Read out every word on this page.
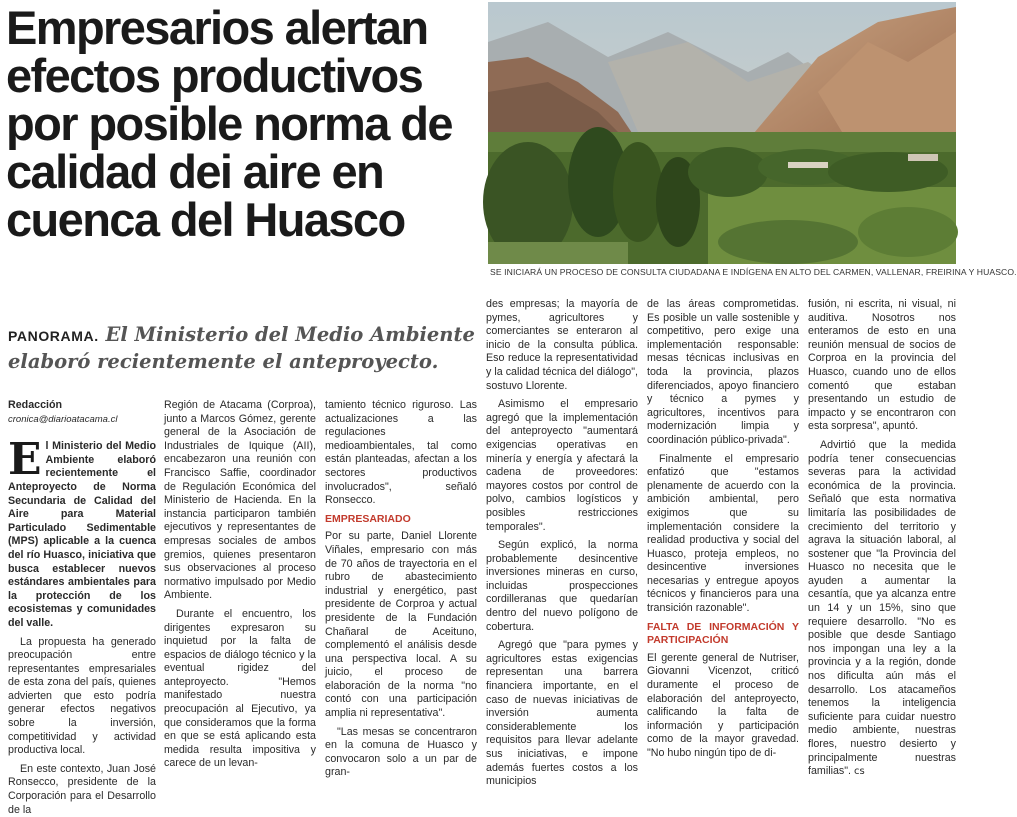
Empresarios alertan efectos productivos por posible norma de calidad dei aire en cuenca del Huasco

SE INICIARÁ UN PROCESO DE CONSULTA CIUDADANA E INDÍGENA EN ALTO DEL CARMEN, VALLENAR, FREIRINA Y HUASCO.

PANORAMA. El Ministerio del Medio Ambiente elaboró recientemente el anteproyecto.

Redacción
cronica@diarioatacama.cl

El Ministerio del Medio Ambiente elaboró recientemente el Anteproyecto de Norma Secundaria de Calidad del Aire para Material Particulado Sedimentable (MPS) aplicable a la cuenca del río Huasco, iniciativa que busca establecer nuevos estándares ambientales para la protección de los ecosistemas y comunidades del valle.

La propuesta ha generado preocupación entre representantes empresariales de esta zona del país, quienes advierten que esto podría generar efectos negativos sobre la inversión, competitividad y actividad productiva local.

En este contexto, Juan José Ronsecco, presidente de la Corporación para el Desarrollo de la

Región de Atacama (Corproa), junto a Marcos Gómez, gerente general de la Asociación de Industriales de Iquique (AII), encabezaron una reunión con Francisco Saffie, coordinador de Regulación Económica del Ministerio de Hacienda. En la instancia participaron también ejecutivos y representantes de empresas sociales de ambos gremios, quienes presentaron sus observaciones al proceso normativo impulsado por Medio Ambiente.

Durante el encuentro, los dirigentes expresaron su inquietud por la falta de espacios de diálogo técnico y la eventual rigidez del anteproyecto. "Hemos manifestado nuestra preocupación al Ejecutivo, ya que consideramos que la forma en que se está aplicando esta medida resulta impositiva y carece de un levan-

tamiento técnico riguroso. Las actualizaciones a las regulaciones medioambientales, tal como están planteadas, afectan a los sectores productivos involucrados", señaló Ronsecco.

EMPRESARIADO

Por su parte, Daniel Llorente Viñales, empresario con más de 70 años de trayectoria en el rubro de abastecimiento industrial y energético, past presidente de Corproa y actual presidente de la Fundación Chañaral de Aceituno, complementó el análisis desde una perspectiva local. A su juicio, el proceso de elaboración de la norma "no contó con una participación amplia ni representativa".

"Las mesas se concentraron en la comuna de Huasco y convocaron solo a un par de gran-

des empresas; la mayoría de pymes, agricultores y comerciantes se enteraron al inicio de la consulta pública. Eso reduce la representatividad y la calidad técnica del diálogo", sostuvo Llorente.

Asimismo el empresario agregó que la implementación del anteproyecto "aumentará exigencias operativas en minería y energía y afectará la cadena de proveedores: mayores costos por control de polvo, cambios logísticos y posibles restricciones temporales".

Según explicó, la norma probablemente desincentive inversiones mineras en curso, incluidas prospecciones cordilleranas que quedarían dentro del nuevo polígono de cobertura.

Agregó que "para pymes y agricultores estas exigencias representan una barrera financiera importante, en el caso de nuevas iniciativas de inversión aumenta considerablemente los requisitos para llevar adelante sus iniciativas, e impone además fuertes costos a los municipios

de las áreas comprometidas. Es posible un valle sostenible y competitivo, pero exige una implementación responsable: mesas técnicas inclusivas en toda la provincia, plazos diferenciados, apoyo financiero y técnico a pymes y agricultores, incentivos para modernización limpia y coordinación público-privada".

Finalmente el empresario enfatizó que "estamos plenamente de acuerdo con la ambición ambiental, pero exigimos que su implementación considere la realidad productiva y social del Huasco, proteja empleos, no desincentive inversiones necesarias y entregue apoyos técnicos y financieros para una transición razonable".

FALTA DE INFORMACIÓN Y PARTICIPACIÓN

El gerente general de Nutriser, Giovanni Vicenzot, criticó duramente el proceso de elaboración del anteproyecto, calificando la falta de información y participación como de la mayor gravedad. "No hubo ningún tipo de di-

fusión, ni escrita, ni visual, ni auditiva. Nosotros nos enteramos de esto en una reunión mensual de socios de Corproa en la provincia del Huasco, cuando uno de ellos comentó que estaban presentando un estudio de impacto y se encontraron con esta sorpresa", apuntó.

Advirtió que la medida podría tener consecuencias severas para la actividad económica de la provincia. Señaló que esta normativa limitaría las posibilidades de crecimiento del territorio y agrava la situación laboral, al sostener que "la Provincia del Huasco no necesita que le ayuden a aumentar la cesantía, que ya alcanza entre un 14 y un 15%, sino que requiere desarrollo. "No es posible que desde Santiago nos impongan una ley a la provincia y a la región, donde nos dificulta aún más el desarrollo. Los atacameños tenemos la inteligencia suficiente para cuidar nuestro medio ambiente, nuestras flores, nuestro desierto y principalmente nuestras familias". cs
